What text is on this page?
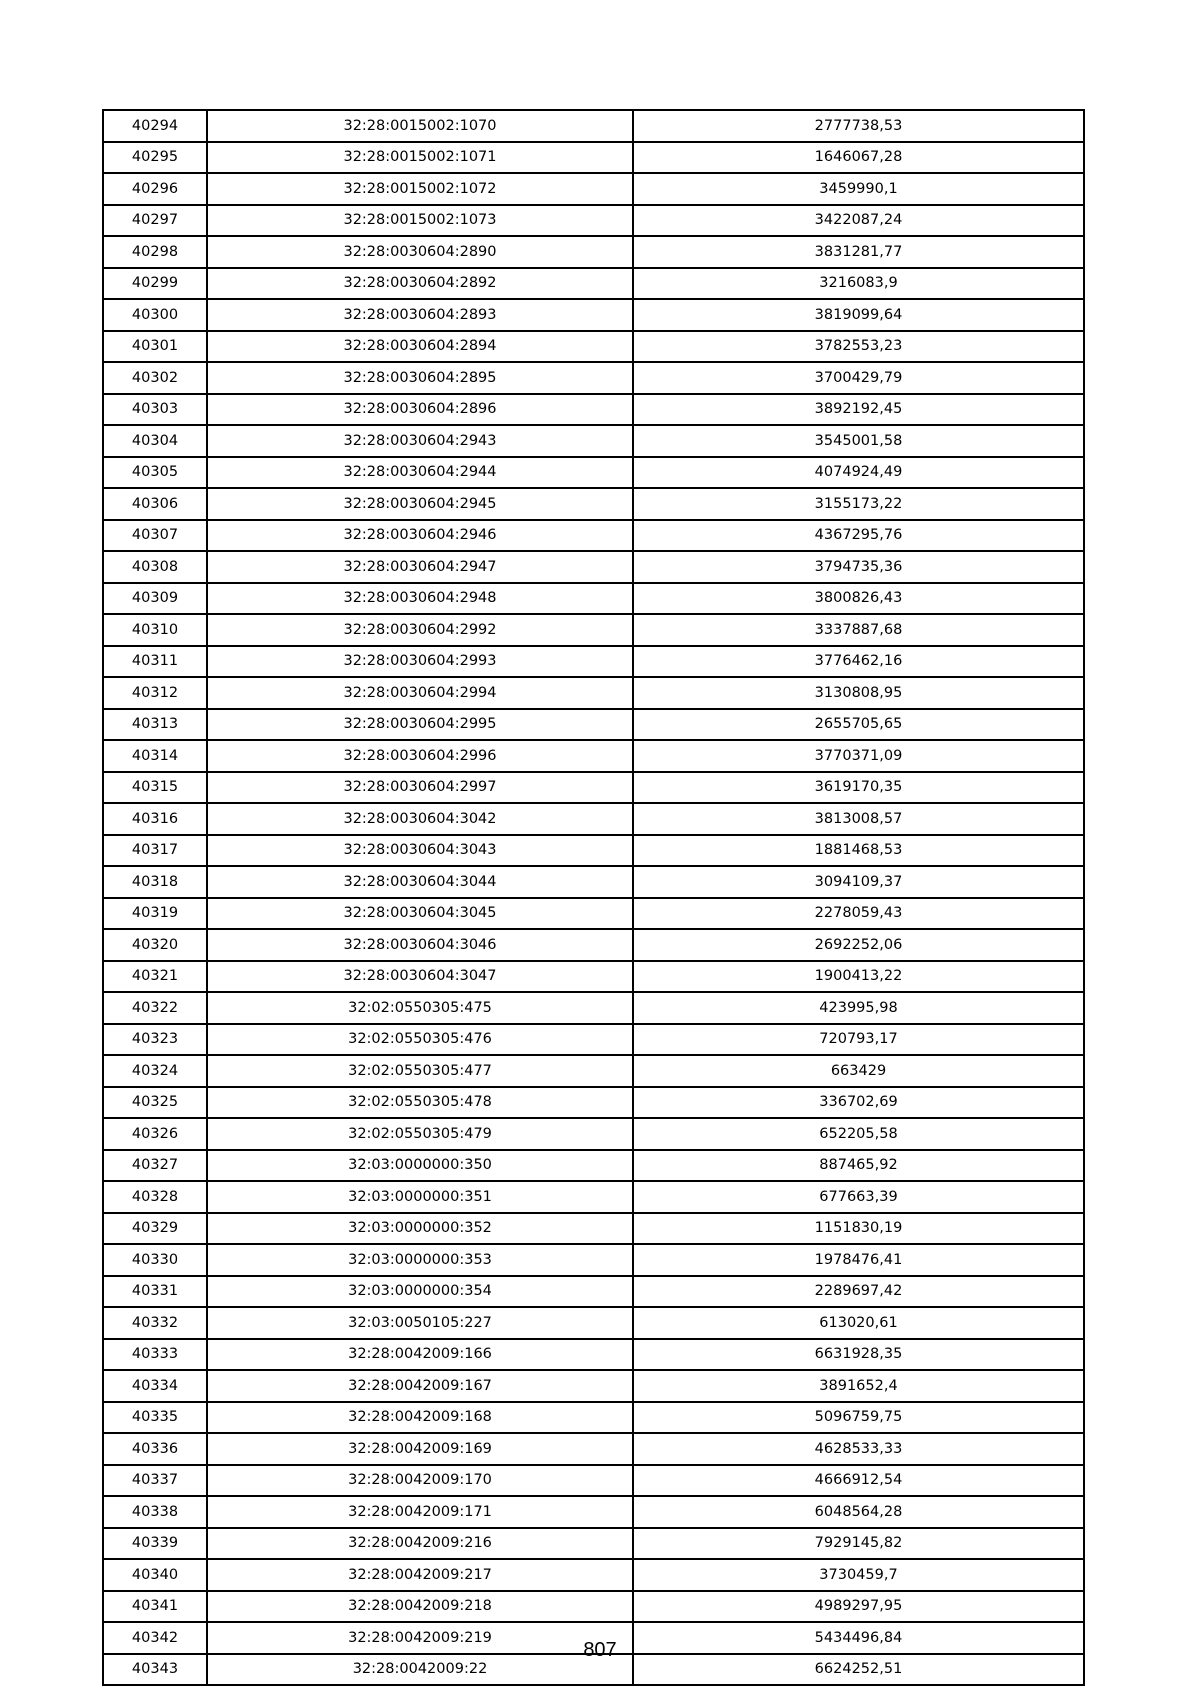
40294	32:28:0015002:1070	2777738,53
40295	32:28:0015002:1071	1646067,28
40296	32:28:0015002:1072	3459990,1
40297	32:28:0015002:1073	3422087,24
40298	32:28:0030604:2890	3831281,77
40299	32:28:0030604:2892	3216083,9
40300	32:28:0030604:2893	3819099,64
40301	32:28:0030604:2894	3782553,23
40302	32:28:0030604:2895	3700429,79
40303	32:28:0030604:2896	3892192,45
40304	32:28:0030604:2943	3545001,58
40305	32:28:0030604:2944	4074924,49
40306	32:28:0030604:2945	3155173,22
40307	32:28:0030604:2946	4367295,76
40308	32:28:0030604:2947	3794735,36
40309	32:28:0030604:2948	3800826,43
40310	32:28:0030604:2992	3337887,68
40311	32:28:0030604:2993	3776462,16
40312	32:28:0030604:2994	3130808,95
40313	32:28:0030604:2995	2655705,65
40314	32:28:0030604:2996	3770371,09
40315	32:28:0030604:2997	3619170,35
40316	32:28:0030604:3042	3813008,57
40317	32:28:0030604:3043	1881468,53
40318	32:28:0030604:3044	3094109,37
40319	32:28:0030604:3045	2278059,43
40320	32:28:0030604:3046	2692252,06
40321	32:28:0030604:3047	1900413,22
40322	32:02:0550305:475	423995,98
40323	32:02:0550305:476	720793,17
40324	32:02:0550305:477	663429
40325	32:02:0550305:478	336702,69
40326	32:02:0550305:479	652205,58
40327	32:03:0000000:350	887465,92
40328	32:03:0000000:351	677663,39
40329	32:03:0000000:352	1151830,19
40330	32:03:0000000:353	1978476,41
40331	32:03:0000000:354	2289697,42
40332	32:03:0050105:227	613020,61
40333	32:28:0042009:166	6631928,35
40334	32:28:0042009:167	3891652,4
40335	32:28:0042009:168	5096759,75
40336	32:28:0042009:169	4628533,33
40337	32:28:0042009:170	4666912,54
40338	32:28:0042009:171	6048564,28
40339	32:28:0042009:216	7929145,82
40340	32:28:0042009:217	3730459,7
40341	32:28:0042009:218	4989297,95
40342	32:28:0042009:219	5434496,84
40343	32:28:0042009:22	6624252,51
807
